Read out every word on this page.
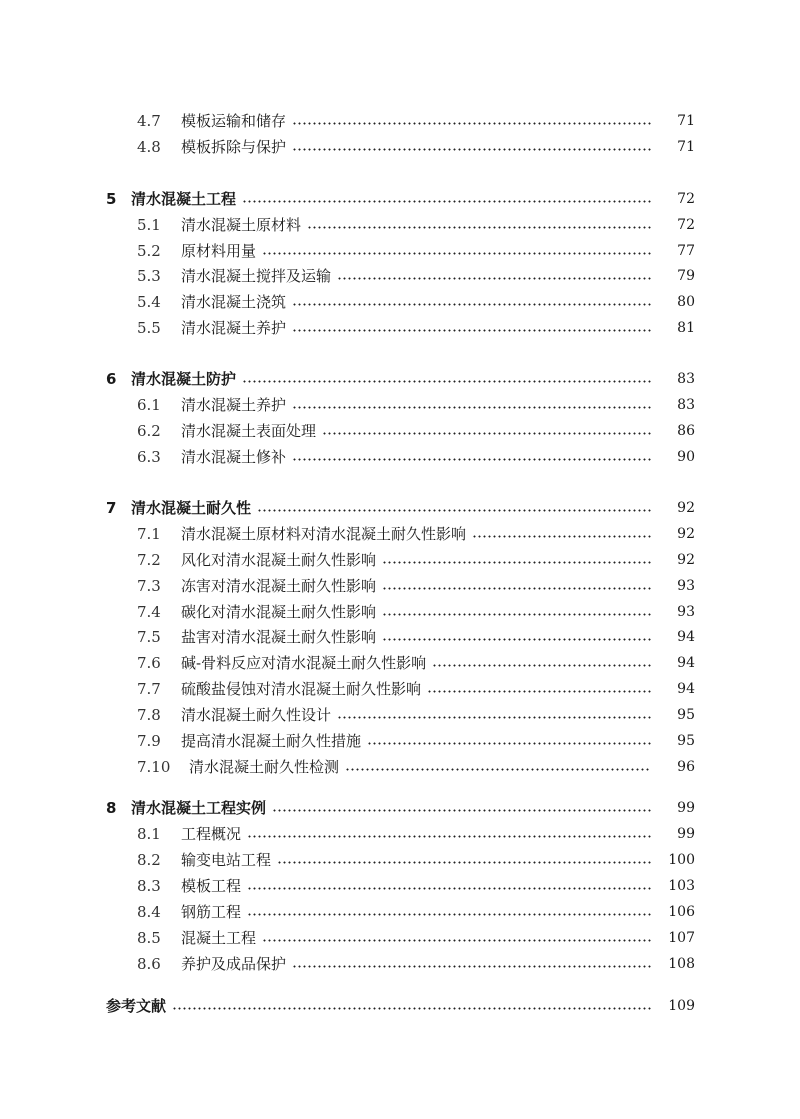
4.7	模板运输和储存	71
4.8	模板拆除与保护	71
5 清水混凝土工程	72
5.1	清水混凝土原材料	72
5.2	原材料用量	77
5.3	清水混凝土搅拌及运输	79
5.4	清水混凝土浇筑	80
5.5	清水混凝土养护	81
6 清水混凝土防护	83
6.1	清水混凝土养护	83
6.2	清水混凝土表面处理	86
6.3	清水混凝土修补	90
7 清水混凝土耐久性	92
7.1	清水混凝土原材料对清水混凝土耐久性影响	92
7.2	风化对清水混凝土耐久性影响	92
7.3	冻害对清水混凝土耐久性影响	93
7.4	碳化对清水混凝土耐久性影响	93
7.5	盐害对清水混凝土耐久性影响	94
7.6	碱-骨料反应对清水混凝土耐久性影响	94
7.7	硫酸盐侵蚀对清水混凝土耐久性影响	94
7.8	清水混凝土耐久性设计	95
7.9	提高清水混凝土耐久性措施	95
7.10	清水混凝土耐久性检测	96
8 清水混凝土工程实例	99
8.1	工程概况	99
8.2	输变电站工程	100
8.3	模板工程	103
8.4	钢筋工程	106
8.5	混凝土工程	107
8.6	养护及成品保护	108
参考文献	109
